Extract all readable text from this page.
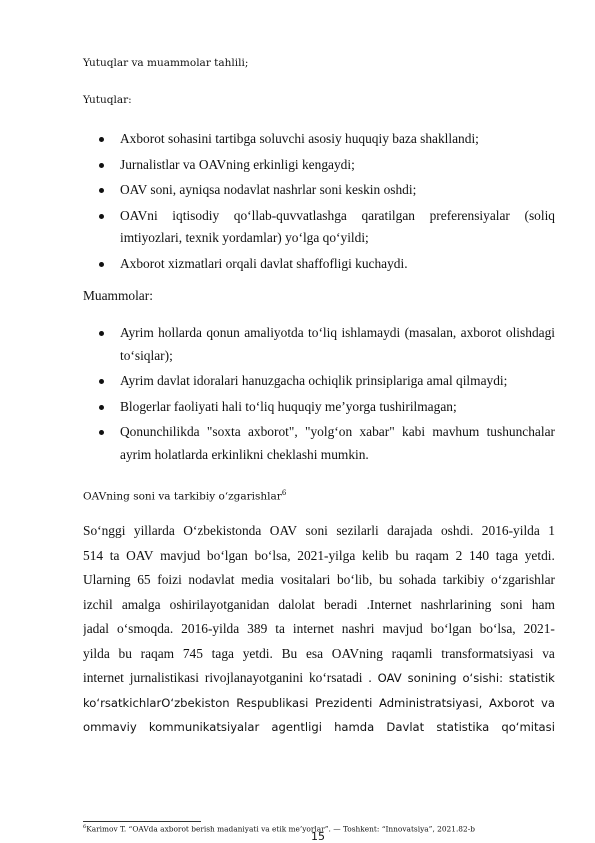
Yutuqlar va muammolar tahlili;
Yutuqlar:
Axborot sohasini tartibga soluvchi asosiy huquqiy baza shakllandi;
Jurnalistlar va OAVning erkinligi kengaydi;
OAV soni, ayniqsa nodavlat nashrlar soni keskin oshdi;
OAVni iqtisodiy qo‘llab-quvvatlashga qaratilgan preferensiyalar (soliq imtiyozlari, texnik yordamlar) yo‘lga qo‘yildi;
Axborot xizmatlari orqali davlat shaffofligi kuchaydi.
Muammolar:
Ayrim hollarda qonun amaliyotda to‘liq ishlamaydi (masalan, axborot olishdagi to‘siqlar);
Ayrim davlat idoralari hanuzgacha ochiqlik prinsiplariga amal qilmaydi;
Blogerlar faoliyati hali to‘liq huquqiy me’yorga tushirilmagan;
Qonunchilikda "soxta axborot", "yolg‘on xabar" kabi mavhum tushunchalar ayrim holatlarda erkinlikni cheklashi mumkin.
OAVning soni va tarkibiy o‘zgarishlar$^6$
So‘nggi yillarda O‘zbekistonda OAV soni sezilarli darajada oshdi. 2016-yilda 1
514 ta OAV mavjud bo‘lgan bo‘lsa, 2021-yilga kelib bu raqam 2 140 taga yetdi.
Ularning 65 foizi nodavlat media vositalari bo‘lib, bu sohada tarkibiy o‘zgarishlar
izchil amalga oshirilayotganidan dalolat beradi .Internet nashrlarining soni ham
jadal o‘smoqda. 2016-yilda 389 ta internet nashri mavjud bo‘lgan bo‘lsa, 2021-
yilda bu raqam 745 taga yetdi. Bu esa OAVning raqamli transformatsiyasi va
internet jurnalistikasi rivojlanayotganini ko‘rsatadi . OAV sonining o‘sishi: statistik
ko‘rsatkichlarO‘zbekiston Respublikasi Prezidenti Administratsiyasi, Axborot va
ommaviy kommunikatsiyalar agentligi hamda Davlat statistika qo‘mitasi
$^6$Karimov T. “OAVda axborot berish madaniyati va etik me’yorlar”. — Toshkent: “Innovatsiya”, 2021.82-b
15
